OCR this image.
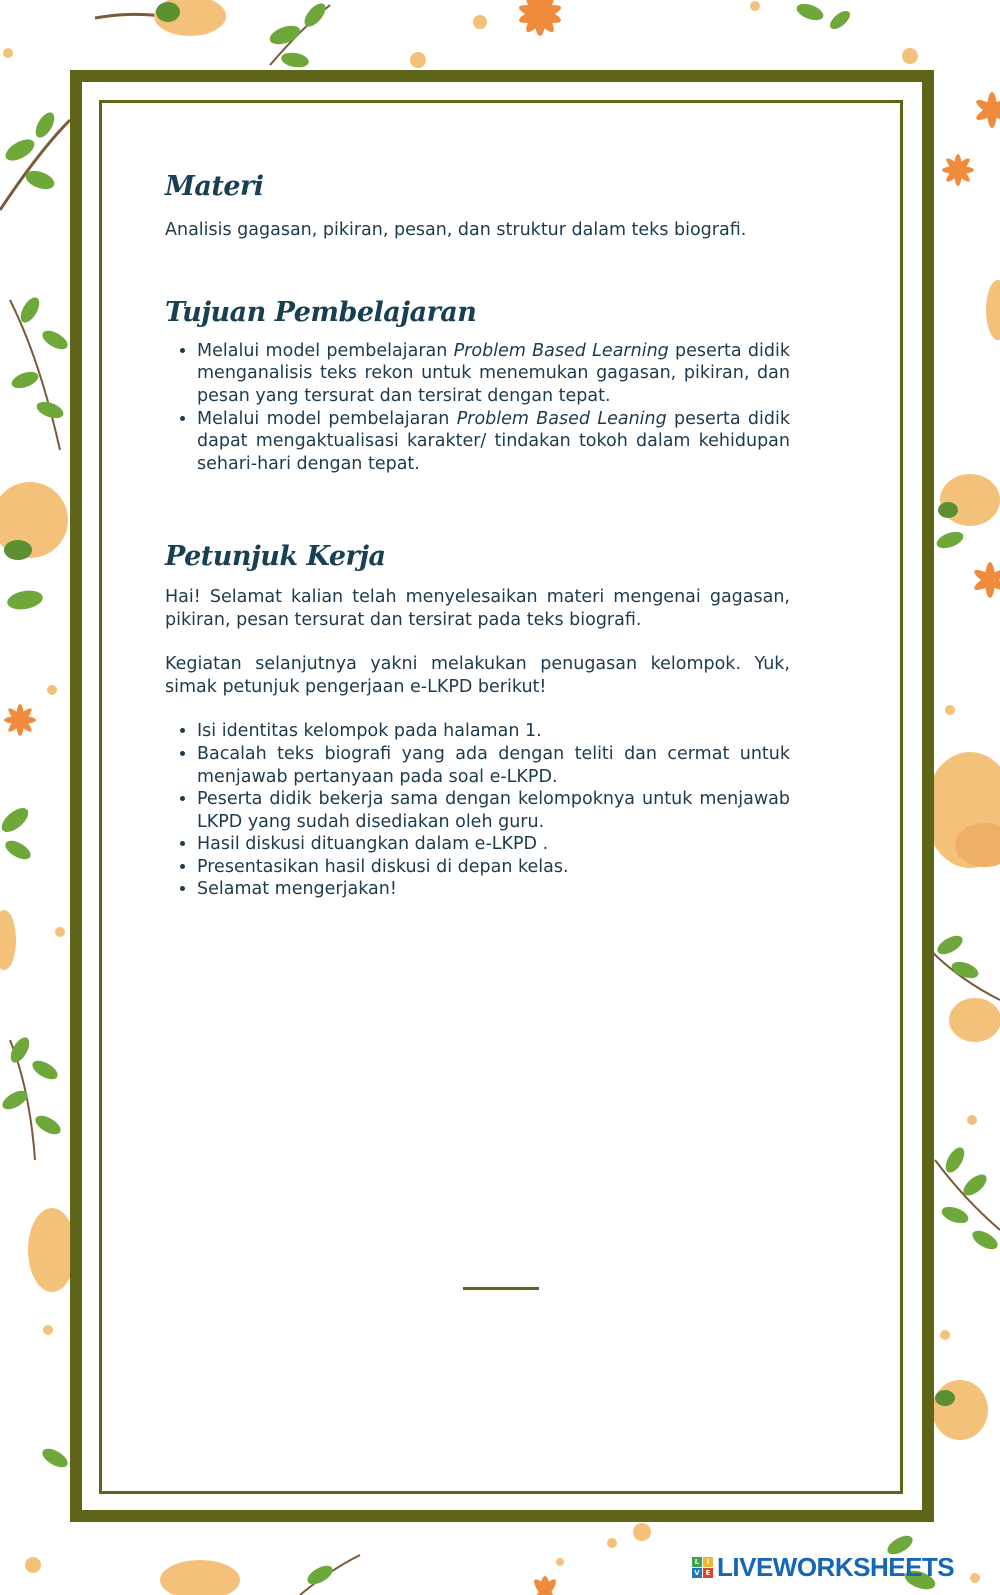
Materi

Analisis gagasan, pikiran, pesan, dan struktur dalam teks biografi.

Tujuan Pembelajaran
• Melalui model pembelajaran Problem Based Learning peserta didik menganalisis teks rekon untuk menemukan gagasan, pikiran, dan pesan yang tersurat dan tersirat dengan tepat.
• Melalui model pembelajaran Problem Based Leaning peserta didik dapat mengaktualisasi karakter/ tindakan tokoh dalam kehidupan sehari-hari dengan tepat.
Petunjuk Kerja

Hai! Selamat kalian telah menyelesaikan materi mengenai gagasan, pikiran, pesan tersurat dan tersirat pada teks biografi.

Kegiatan selanjutnya yakni melakukan penugasan kelompok. Yuk, simak petunjuk pengerjaan e-LKPD berikut!

• Isi identitas kelompok pada halaman 1.
• Bacalah teks biografi yang ada dengan teliti dan cermat untuk menjawab pertanyaan pada soal e-LKPD.
• Peserta didik bekerja sama dengan kelompoknya untuk menjawab LKPD yang sudah disediakan oleh guru.
• Hasil diskusi dituangkan dalam e-LKPD .
• Presentasikan hasil diskusi di depan kelas.
• Selamat mengerjakan!
L	I
V E LIVEWORKSHEETS
